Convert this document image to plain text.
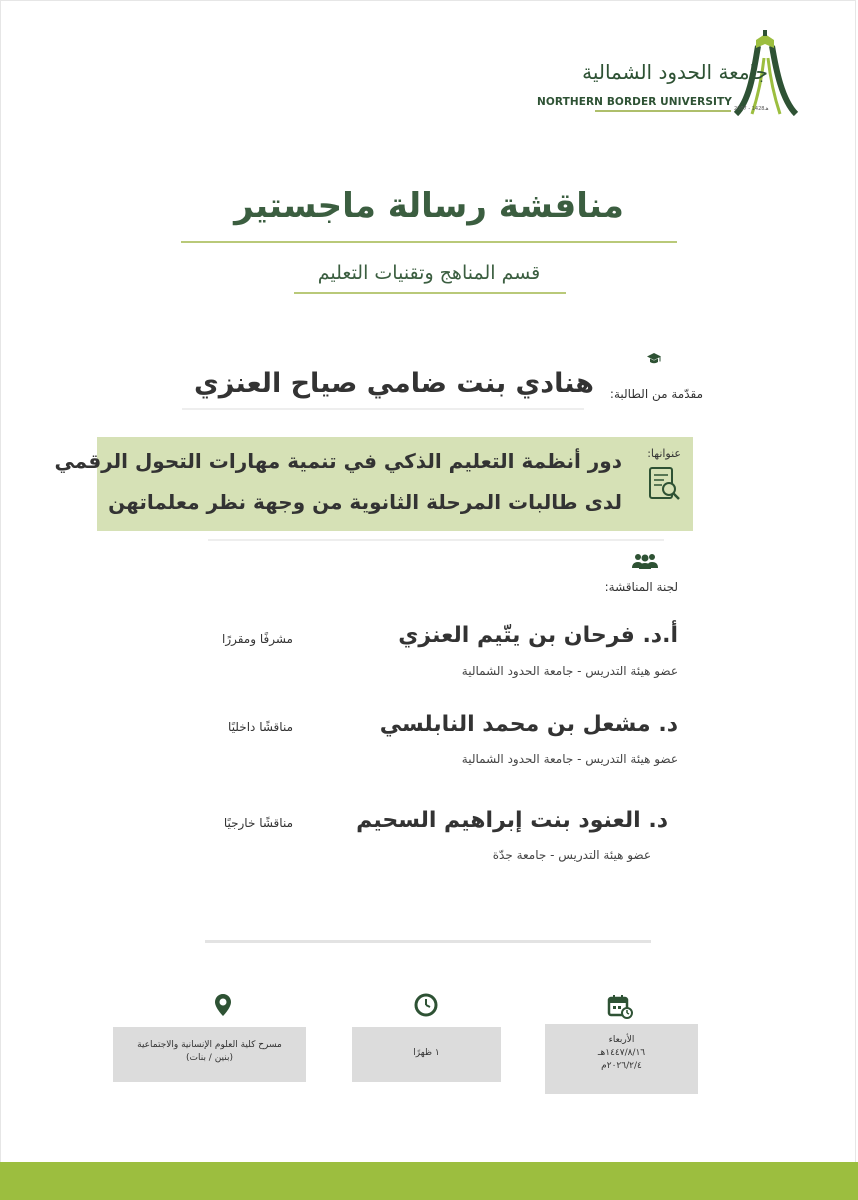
جامعة الحدود الشمالية
NORTHERN BORDER UNIVERSITY
2007 - 1428هـ
مناقشة رسالة ماجستير
قسم المناهج وتقنيات التعليم
مقدّمة من الطالبة:
هنادي بنت ضامي صياح العنزي
عنوانها:
دور أنظمة التعليم الذكي في تنمية مهارات التحول الرقمي
لدى طالبات المرحلة الثانوية من وجهة نظر معلماتهن
لجنة المناقشة:
أ.د. فرحان بن يتّيم العنزي
عضو هيئة التدريس - جامعة الحدود الشمالية
مشرفًا ومقررًا
د. مشعل بن محمد النابلسي
عضو هيئة التدريس - جامعة الحدود الشمالية
مناقشًا داخليًا
د. العنود بنت إبراهيم السحيم
عضو هيئة التدريس - جامعة جدّة
مناقشًا خارجيًا
مسرح كلية العلوم الإنسانية والاجتماعية
(بنين / بنات)	١ ظهرًا
الأربعاء
١٤٤٧/٨/١٦هـ
٢٠٢٦/٢/٤م
